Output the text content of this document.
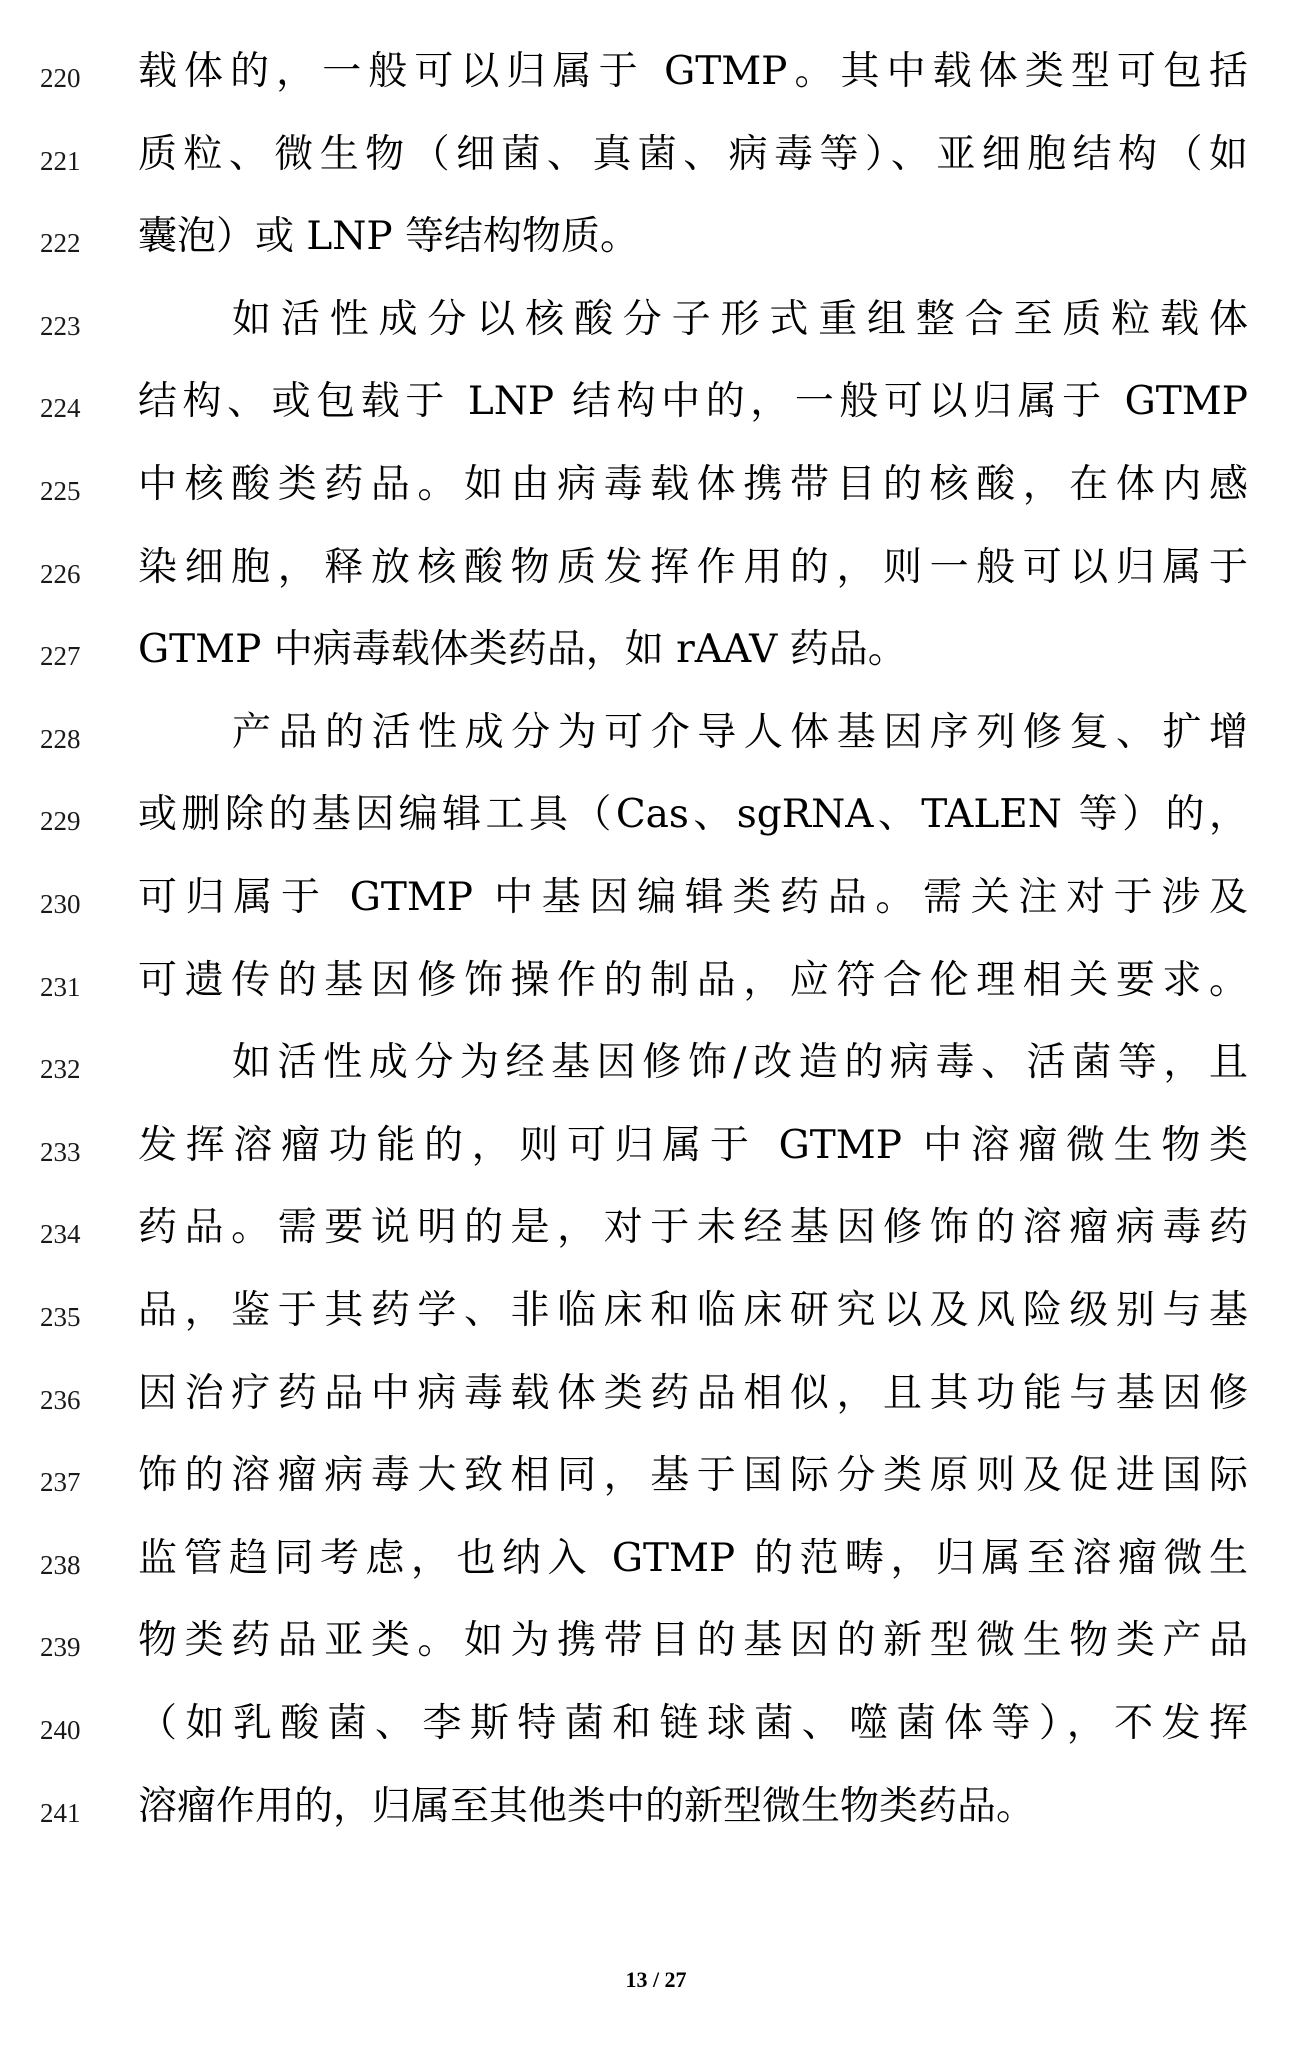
220	载体的，一般可以归属于 GTMP。其中载体类型可包括
221	质粒、微生物（细菌、真菌、病毒等）、亚细胞结构（如
222	囊泡）或 LNP 等结构物质。
223	如活性成分以核酸分子形式重组整合至质粒载体
224	结构、或包载于 LNP 结构中的，一般可以归属于 GTMP
225	中核酸类药品。如由病毒载体携带目的核酸，在体内感
226	染细胞，释放核酸物质发挥作用的，则一般可以归属于
227	GTMP 中病毒载体类药品，如 rAAV 药品。
228	产品的活性成分为可介导人体基因序列修复、扩增
229	或删除的基因编辑工具（Cas、sgRNA、TALEN 等）的，
230	可归属于 GTMP 中基因编辑类药品。需关注对于涉及
231	可遗传的基因修饰操作的制品，应符合伦理相关要求。
232	如活性成分为经基因修饰/改造的病毒、活菌等，且
233	发挥溶瘤功能的，则可归属于 GTMP 中溶瘤微生物类
234	药品。需要说明的是，对于未经基因修饰的溶瘤病毒药
235	品，鉴于其药学、非临床和临床研究以及风险级别与基
236	因治疗药品中病毒载体类药品相似，且其功能与基因修
237	饰的溶瘤病毒大致相同，基于国际分类原则及促进国际
238	监管趋同考虑，也纳入 GTMP 的范畴，归属至溶瘤微生
239	物类药品亚类。如为携带目的基因的新型微生物类产品
240	（如乳酸菌、李斯特菌和链球菌、噬菌体等），不发挥
241	溶瘤作用的，归属至其他类中的新型微生物类药品。
13 / 27
